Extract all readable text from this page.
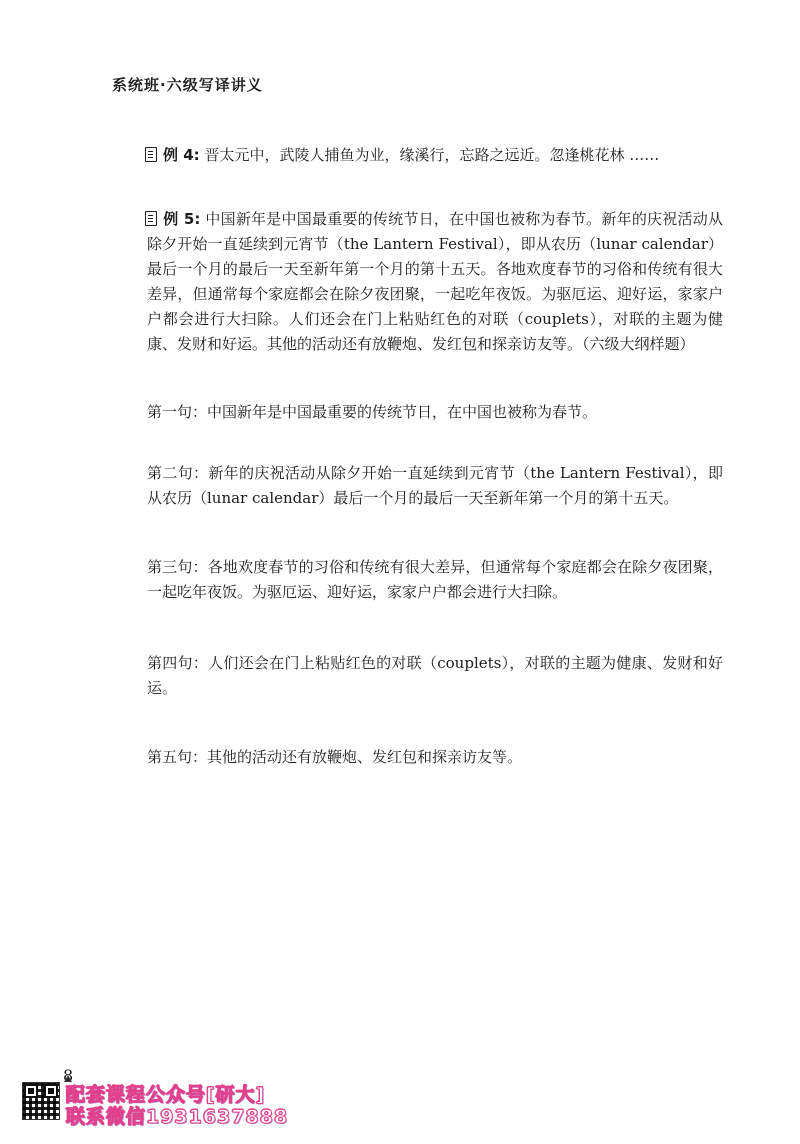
系统班·六级写译讲义

例 4: 晋太元中，武陵人捕鱼为业，缘溪行，忘路之远近。忽逢桃花林 ……

例 5: 中国新年是中国最重要的传统节日，在中国也被称为春节。新年的庆祝活动从除夕开始一直延续到元宵节（the Lantern Festival），即从农历（lunar calendar）最后一个月的最后一天至新年第一个月的第十五天。各地欢度春节的习俗和传统有很大差异，但通常每个家庭都会在除夕夜团聚，一起吃年夜饭。为驱厄运、迎好运，家家户户都会进行大扫除。人们还会在门上粘贴红色的对联（couplets），对联的主题为健康、发财和好运。其他的活动还有放鞭炮、发红包和探亲访友等。（六级大纲样题）

第一句：中国新年是中国最重要的传统节日，在中国也被称为春节。

第二句：新年的庆祝活动从除夕开始一直延续到元宵节（the Lantern Festival），即从农历（lunar calendar）最后一个月的最后一天至新年第一个月的第十五天。

第三句：各地欢度春节的习俗和传统有很大差异，但通常每个家庭都会在除夕夜团聚，一起吃年夜饭。为驱厄运、迎好运，家家户户都会进行大扫除。

第四句：人们还会在门上粘贴红色的对联（couplets），对联的主题为健康、发财和好运。

第五句：其他的活动还有放鞭炮、发红包和探亲访友等。

8
配套课程公众号[研大]
联系微信1931637888
